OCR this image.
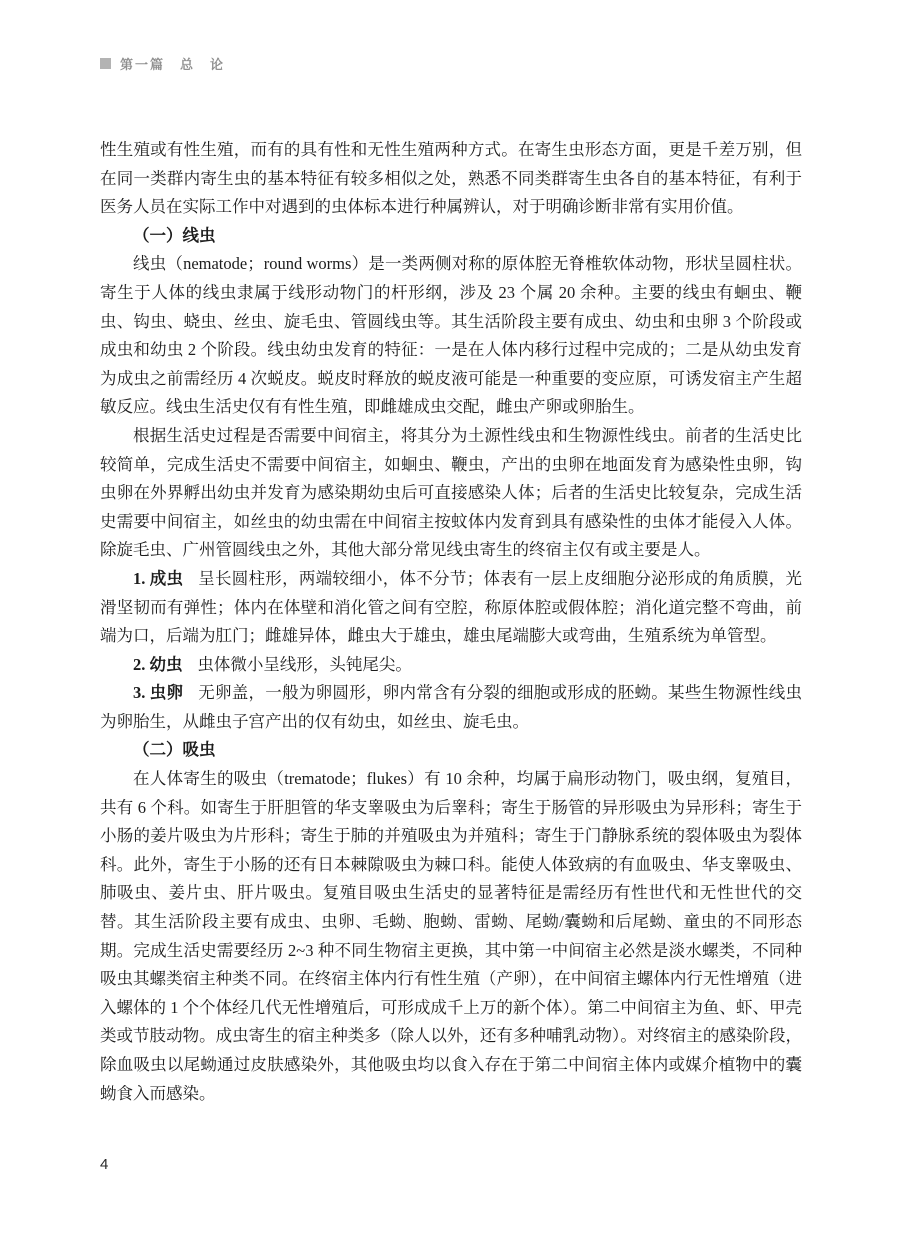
第一篇　总　论

性生殖或有性生殖，而有的具有性和无性生殖两种方式。在寄生虫形态方面，更是千差万别，但在同一类群内寄生虫的基本特征有较多相似之处，熟悉不同类群寄生虫各自的基本特征，有利于医务人员在实际工作中对遇到的虫体标本进行种属辨认，对于明确诊断非常有实用价值。

（一）线虫

线虫（nematode；round worms）是一类两侧对称的原体腔无脊椎软体动物，形状呈圆柱状。寄生于人体的线虫隶属于线形动物门的杆形纲，涉及 23 个属 20 余种。主要的线虫有蛔虫、鞭虫、钩虫、蛲虫、丝虫、旋毛虫、管圆线虫等。其生活阶段主要有成虫、幼虫和虫卵 3 个阶段或成虫和幼虫 2 个阶段。线虫幼虫发育的特征：一是在人体内移行过程中完成的；二是从幼虫发育为成虫之前需经历 4 次蜕皮。蜕皮时释放的蜕皮液可能是一种重要的变应原，可诱发宿主产生超敏反应。线虫生活史仅有有性生殖，即雌雄成虫交配，雌虫产卵或卵胎生。

根据生活史过程是否需要中间宿主，将其分为土源性线虫和生物源性线虫。前者的生活史比较简单，完成生活史不需要中间宿主，如蛔虫、鞭虫，产出的虫卵在地面发育为感染性虫卵，钩虫卵在外界孵出幼虫并发育为感染期幼虫后可直接感染人体；后者的生活史比较复杂，完成生活史需要中间宿主，如丝虫的幼虫需在中间宿主按蚊体内发育到具有感染性的虫体才能侵入人体。除旋毛虫、广州管圆线虫之外，其他大部分常见线虫寄生的终宿主仅有或主要是人。

1. 成虫 呈长圆柱形，两端较细小，体不分节；体表有一层上皮细胞分泌形成的角质膜，光滑坚韧而有弹性；体内在体壁和消化管之间有空腔，称原体腔或假体腔；消化道完整不弯曲，前端为口，后端为肛门；雌雄异体，雌虫大于雄虫，雄虫尾端膨大或弯曲，生殖系统为单管型。

2. 幼虫 虫体微小呈线形，头钝尾尖。

3. 虫卵 无卵盖，一般为卵圆形，卵内常含有分裂的细胞或形成的胚蚴。某些生物源性线虫为卵胎生，从雌虫子宫产出的仅有幼虫，如丝虫、旋毛虫。

（二）吸虫

在人体寄生的吸虫（trematode；flukes）有 10 余种，均属于扁形动物门，吸虫纲，复殖目，共有 6 个科。如寄生于肝胆管的华支睾吸虫为后睾科；寄生于肠管的异形吸虫为异形科；寄生于小肠的姜片吸虫为片形科；寄生于肺的并殖吸虫为并殖科；寄生于门静脉系统的裂体吸虫为裂体科。此外，寄生于小肠的还有日本棘隙吸虫为棘口科。能使人体致病的有血吸虫、华支睾吸虫、肺吸虫、姜片虫、肝片吸虫。复殖目吸虫生活史的显著特征是需经历有性世代和无性世代的交替。其生活阶段主要有成虫、虫卵、毛蚴、胞蚴、雷蚴、尾蚴/囊蚴和后尾蚴、童虫的不同形态期。完成生活史需要经历 2~3 种不同生物宿主更换，其中第一中间宿主必然是淡水螺类，不同种吸虫其螺类宿主种类不同。在终宿主体内行有性生殖（产卵），在中间宿主螺体内行无性增殖（进入螺体的 1 个个体经几代无性增殖后，可形成成千上万的新个体）。第二中间宿主为鱼、虾、甲壳类或节肢动物。成虫寄生的宿主种类多（除人以外，还有多种哺乳动物）。对终宿主的感染阶段，除血吸虫以尾蚴通过皮肤感染外，其他吸虫均以食入存在于第二中间宿主体内或媒介植物中的囊蚴食入而感染。

4
